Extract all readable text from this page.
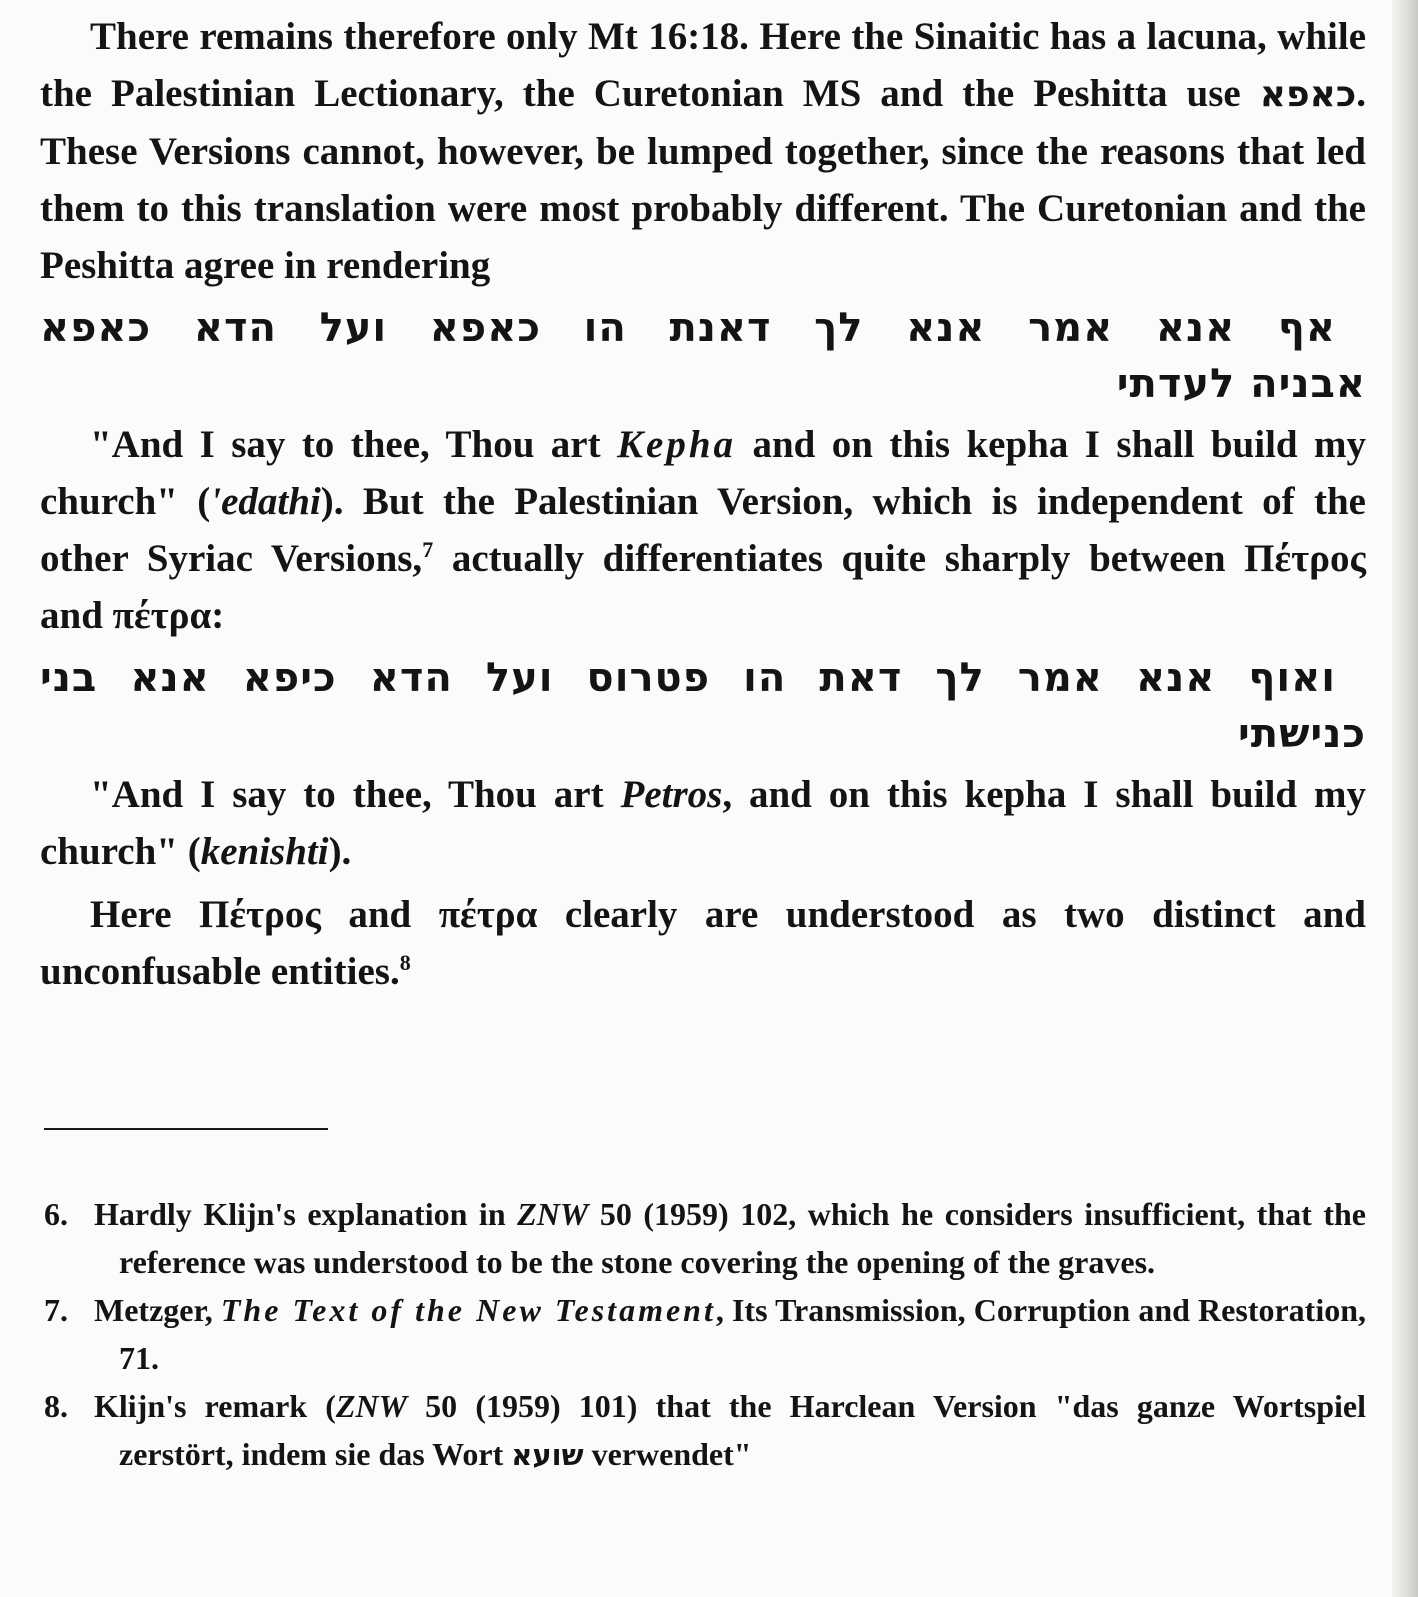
There remains therefore only Mt 16:18. Here the Sinaitic has a lacuna, while the Palestinian Lectionary, the Curetonian MS and the Peshitta use כאפא. These Versions cannot, however, be lumped together, since the reasons that led them to this translation were most probably different. The Curetonian and the Peshitta agree in rendering

אף אנא אמר אנא לך דאנת הו כאפא ועל הדא כאפא
אבניה לעדתי

"And I say to thee, Thou art Kepha and on this kepha I shall build my church" ('edathi). But the Palestinian Version, which is independent of the other Syriac Versions,$^7$ actually differentiates quite sharply between Πέτρος and πέτρα:

ואוף אנא אמר לך דאת הו פטרוס ועל הדא כיפא אנא בני
כנישתי

"And I say to thee, Thou art Petros, and on this kepha I shall build my church" (kenishti).

Here Πέτρος and πέτρα clearly are understood as two distinct and unconfusable entities.$^8$

6. Hardly Klijn's explanation in ZNW 50 (1959) 102, which he considers insufficient, that the reference was understood to be the stone covering the opening of the graves.

7. Metzger, The Text of the New Testament, Its Transmission, Corruption and Restoration, 71.

8. Klijn's remark (ZNW 50 (1959) 101) that the Harclean Version "das ganze Wortspiel zerstört, indem sie das Wort שועא verwendet"
